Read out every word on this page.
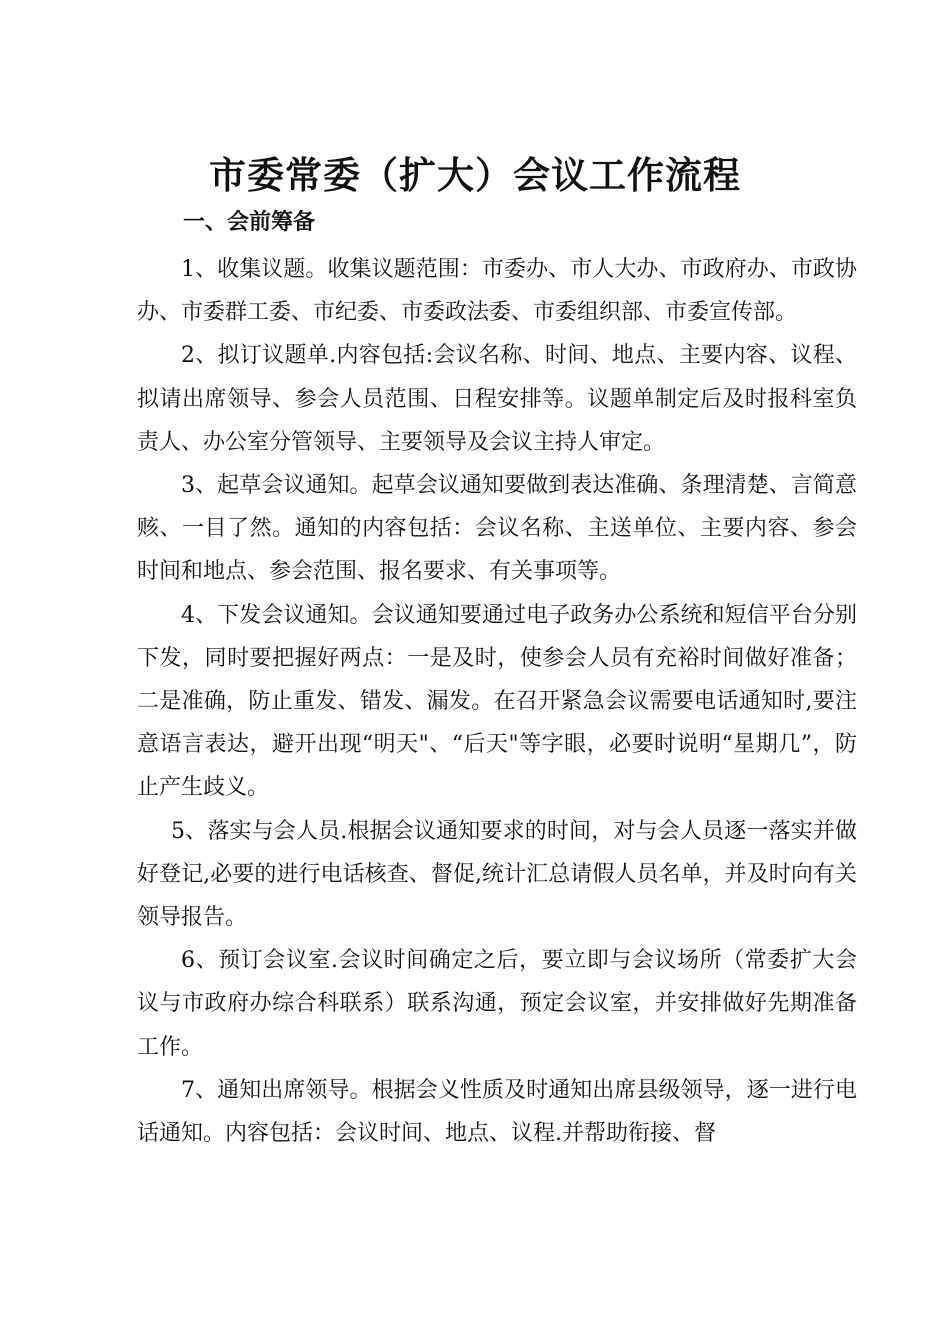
市委常委（扩大）会议工作流程
一、会前筹备

1、收集议题。收集议题范围：市委办、市人大办、市政府办、市政协办、市委群工委、市纪委、市委政法委、市委组织部、市委宣传部。

2、拟订议题单.内容包括:会议名称、时间、地点、主要内容、议程、拟请出席领导、参会人员范围、日程安排等。议题单制定后及时报科室负责人、办公室分管领导、主要领导及会议主持人审定。

3、起草会议通知。起草会议通知要做到表达准确、条理清楚、言简意赅、一目了然。通知的内容包括：会议名称、主送单位、主要内容、参会时间和地点、参会范围、报名要求、有关事项等。

4、下发会议通知。会议通知要通过电子政务办公系统和短信平台分别下发，同时要把握好两点：一是及时，使参会人员有充裕时间做好准备；二是准确，防止重发、错发、漏发。在召开紧急会议需要电话通知时,要注意语言表达，避开出现“明天"、“后天"等字眼，必要时说明“星期几”，防止产生歧义。

5、落实与会人员.根据会议通知要求的时间，对与会人员逐一落实并做好登记,必要的进行电话核查、督促,统计汇总请假人员名单，并及时向有关领导报告。

6、预订会议室.会议时间确定之后，要立即与会议场所（常委扩大会议与市政府办综合科联系）联系沟通，预定会议室，并安排做好先期准备工作。

7、通知出席领导。根据会义性质及时通知出席县级领导，逐一进行电话通知。内容包括：会议时间、地点、议程.并帮助衔接、督
